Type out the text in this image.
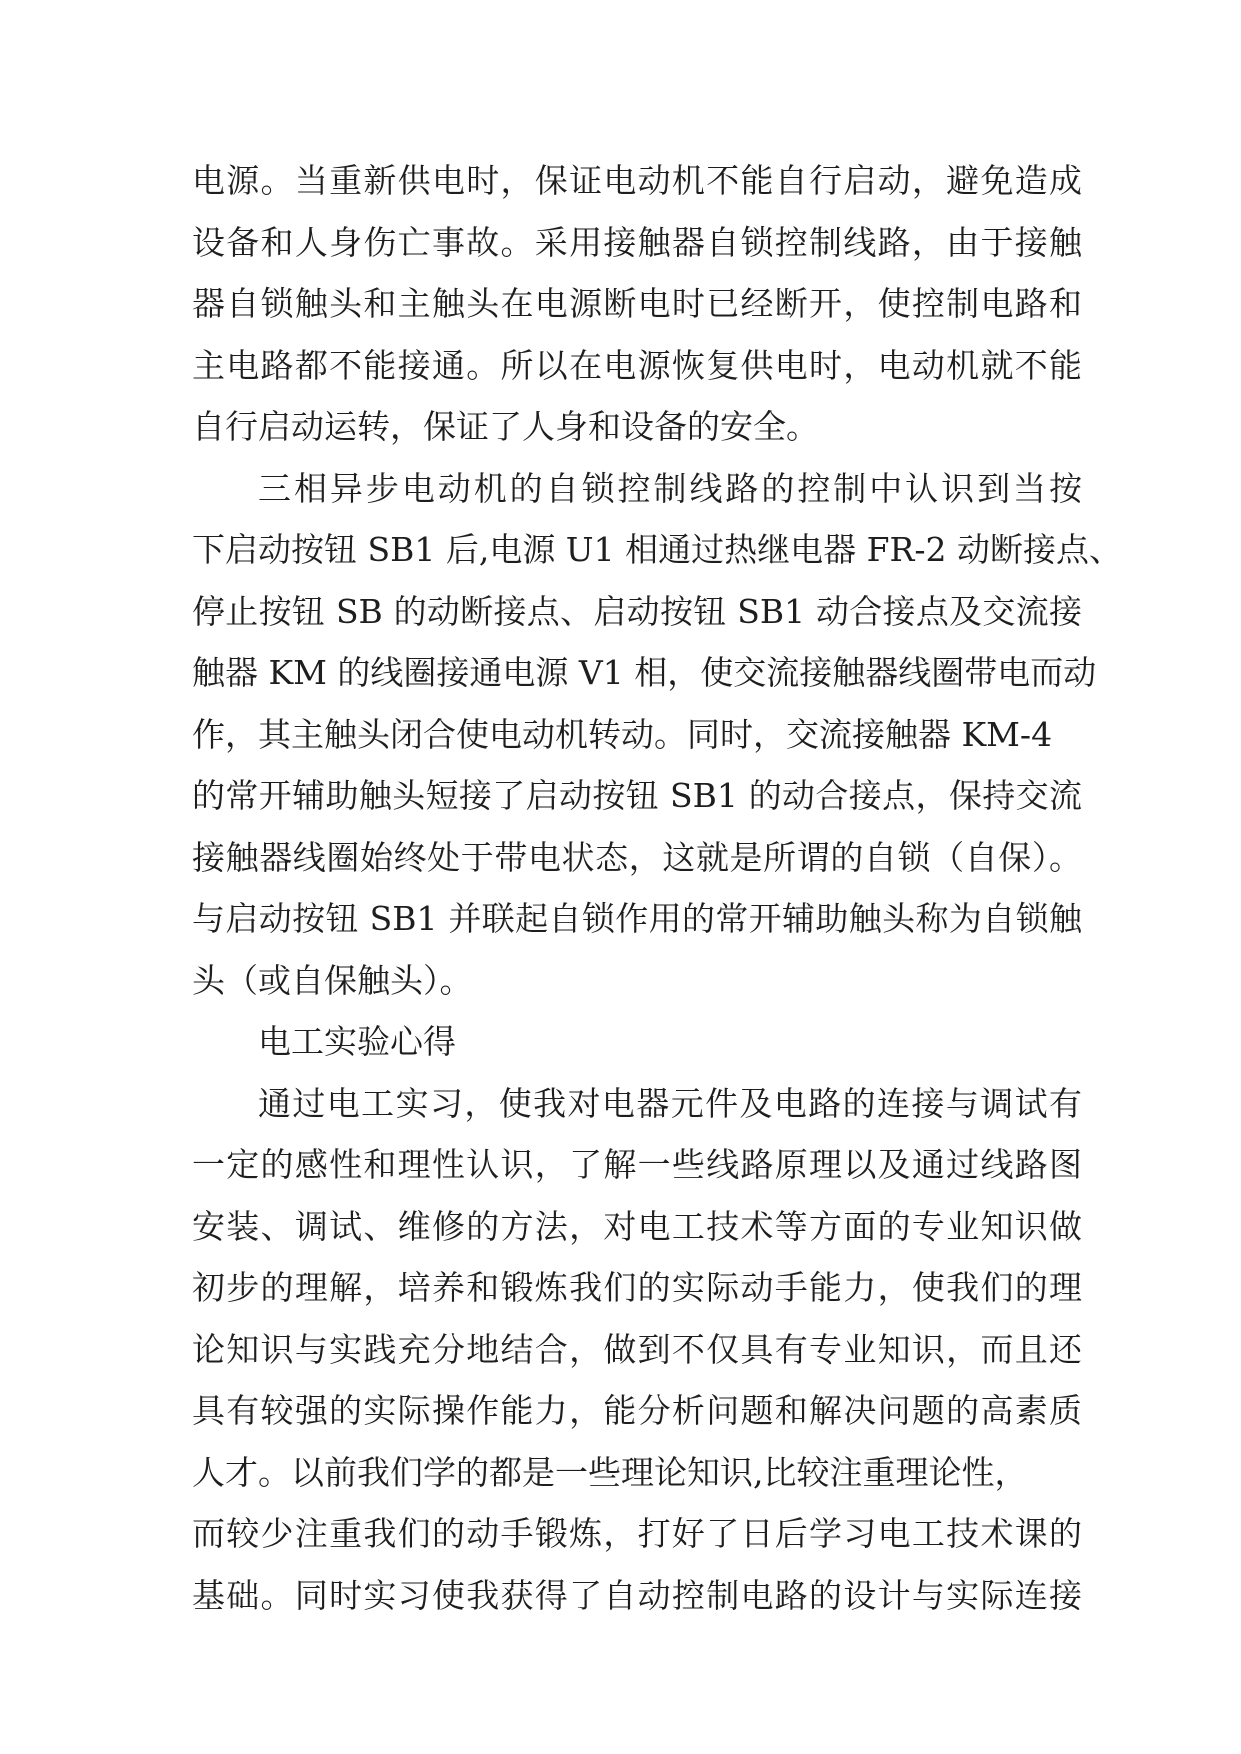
电源。当重新供电时，保证电动机不能自行启动，避免造成
设备和人身伤亡事故。采用接触器自锁控制线路，由于接触
器自锁触头和主触头在电源断电时已经断开，使控制电路和
主电路都不能接通。所以在电源恢复供电时，电动机就不能
自行启动运转，保证了人身和设备的安全。
三相异步电动机的自锁控制线路的控制中认识到当按
下启动按钮 SB1 后,电源 U1 相通过热继电器 FR-2 动断接点、
停止按钮 SB 的动断接点、启动按钮 SB1 动合接点及交流接
触器 KM 的线圈接通电源 V1 相，使交流接触器线圈带电而动
作，其主触头闭合使电动机转动。同时，交流接触器 KM-4
的常开辅助触头短接了启动按钮 SB1 的动合接点，保持交流
接触器线圈始终处于带电状态，这就是所谓的自锁（自保）。
与启动按钮 SB1 并联起自锁作用的常开辅助触头称为自锁触
头（或自保触头）。
电工实验心得
通过电工实习，使我对电器元件及电路的连接与调试有
一定的感性和理性认识，了解一些线路原理以及通过线路图
安装、调试、维修的方法，对电工技术等方面的专业知识做
初步的理解，培养和锻炼我们的实际动手能力，使我们的理
论知识与实践充分地结合，做到不仅具有专业知识，而且还
具有较强的实际操作能力，能分析问题和解决问题的高素质
人才。以前我们学的都是一些理论知识,比较注重理论性，
而较少注重我们的动手锻炼，打好了日后学习电工技术课的
基础。同时实习使我获得了自动控制电路的设计与实际连接
